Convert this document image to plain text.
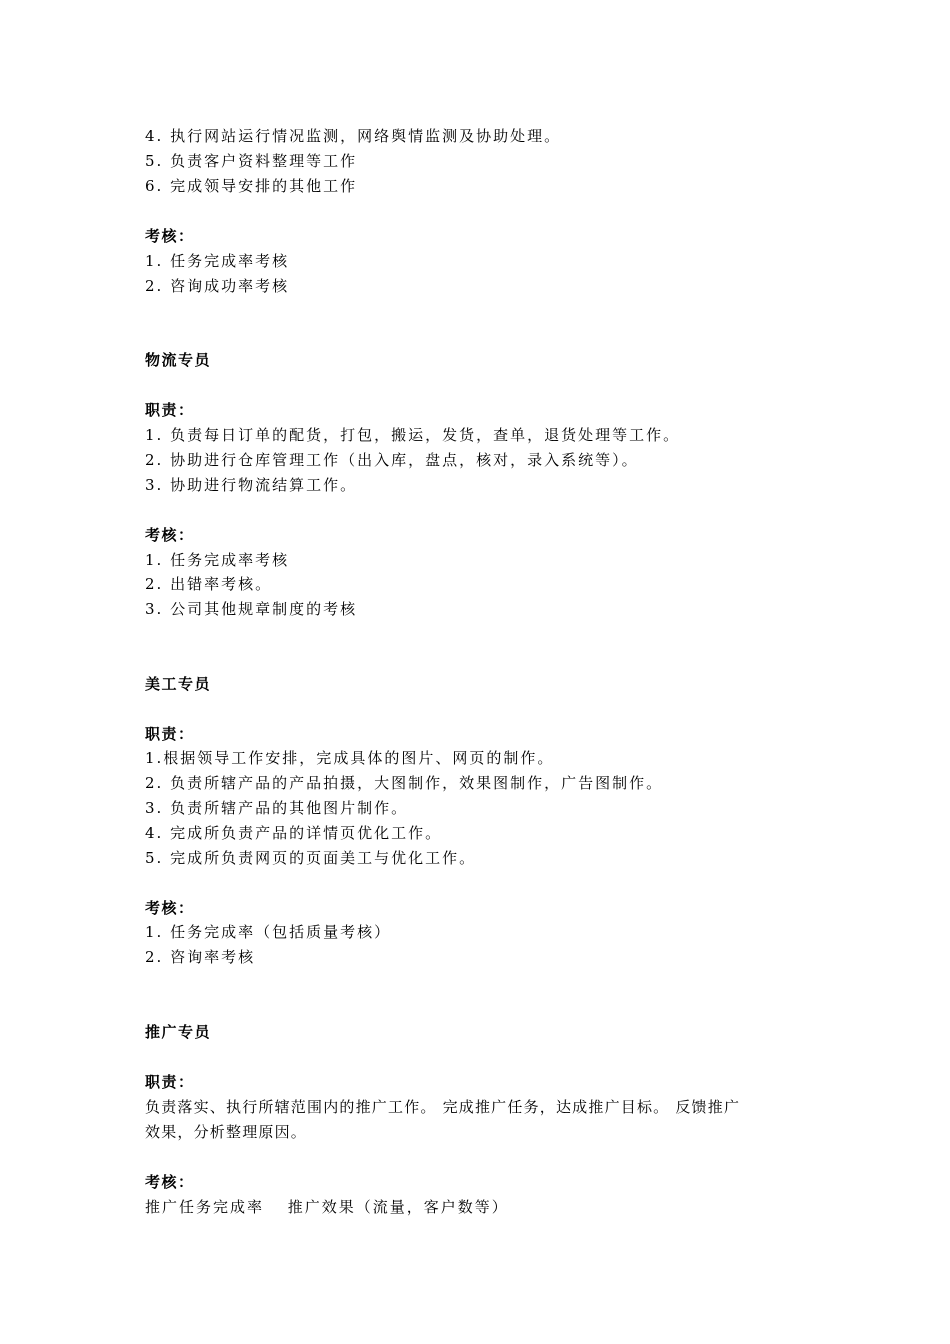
4. 执行网站运行情况监测，网络舆情监测及协助处理。
5. 负责客户资料整理等工作
6. 完成领导安排的其他工作
考核：
1. 任务完成率考核
2. 咨询成功率考核
物流专员
职责：
1. 负责每日订单的配货，打包，搬运，发货，查单，退货处理等工作。
2. 协助进行仓库管理工作（出入库，盘点，核对，录入系统等）。
3. 协助进行物流结算工作。
考核：
1. 任务完成率考核
2. 出错率考核。
3. 公司其他规章制度的考核
美工专员
职责：
1.根据领导工作安排，完成具体的图片、网页的制作。
2. 负责所辖产品的产品拍摄，大图制作，效果图制作，广告图制作。
3. 负责所辖产品的其他图片制作。
4. 完成所负责产品的详情页优化工作。
5. 完成所负责网页的页面美工与优化工作。
考核：
1. 任务完成率（包括质量考核）
2. 咨询率考核
推广专员
职责：
负责落实、执行所辖范围内的推广工作。 完成推广任务，达成推广目标。 反馈推广
效果，分析整理原因。
考核：
推广任务完成率　 推广效果（流量，客户数等）
